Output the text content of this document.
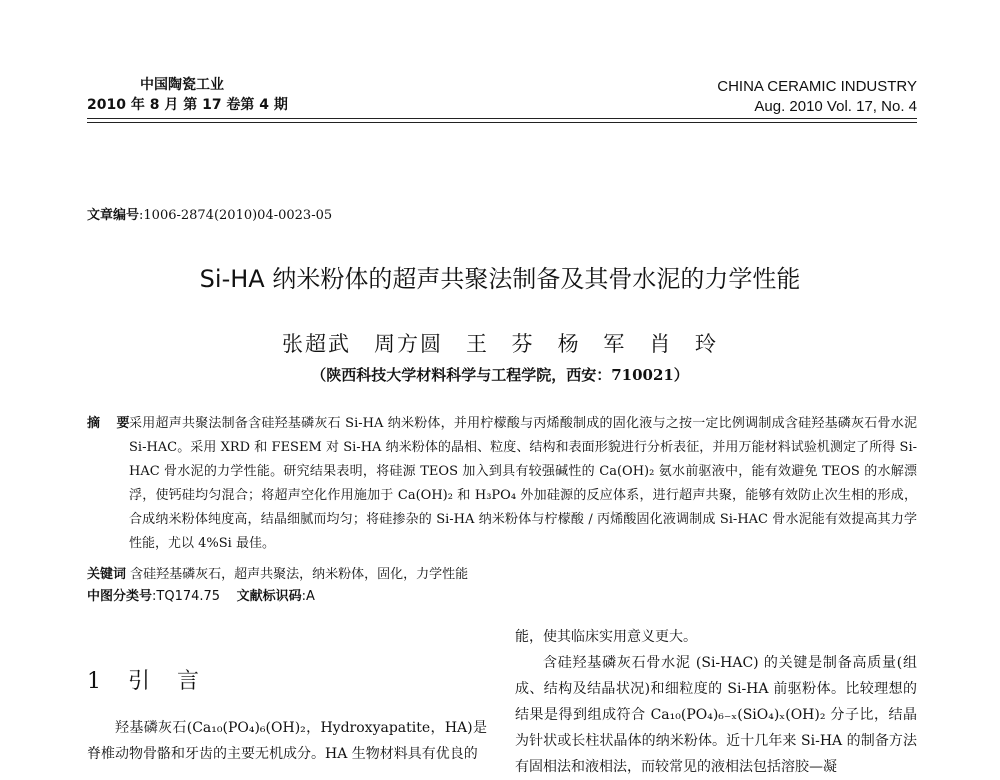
中国陶瓷工业
2010 年 8 月 第 17 卷第 4 期
CHINA CERAMIC INDUSTRY
Aug. 2010 Vol. 17, No. 4
文章编号:1006-2874(2010)04-0023-05
Si-HA 纳米粉体的超声共聚法制备及其骨水泥的力学性能
张超武　周方圆　王 芬　杨 军　肖 玲
（陕西科技大学材料科学与工程学院，西安：710021）
摘 要
采用超声共聚法制备含硅羟基磷灰石 Si-HA 纳米粉体，并用柠檬酸与丙烯酸制成的固化液与之按一定比例调制成含硅羟基磷灰石骨水泥 Si-HAC。采用 XRD 和 FESEM 对 Si-HA 纳米粉体的晶相、粒度、结构和表面形貌进行分析表征，并用万能材料试验机测定了所得 Si-HAC 骨水泥的力学性能。研究结果表明，将硅源 TEOS 加入到具有较强碱性的 Ca(OH)₂ 氨水前驱液中，能有效避免 TEOS 的水解漂浮，使钙硅均匀混合；将超声空化作用施加于 Ca(OH)₂ 和 H₃PO₄ 外加硅源的反应体系，进行超声共聚，能够有效防止次生相的形成，合成纳米粉体纯度高，结晶细腻而均匀；将硅掺杂的 Si-HA 纳米粉体与柠檬酸 / 丙烯酸固化液调制成 Si-HAC 骨水泥能有效提高其力学性能，尤以 4%Si 最佳。
关键词 含硅羟基磷灰石，超声共聚法，纳米粉体，固化，力学性能
中图分类号:TQ174.75 文献标识码:A
1 引 言
羟基磷灰石(Ca₁₀(PO₄)₆(OH)₂，Hydroxyapatite，HA)是脊椎动物骨骼和牙齿的主要无机成分。HA 生物材料具有优良的

能，使其临床实用意义更大。

含硅羟基磷灰石骨水泥 (Si-HAC) 的关键是制备高质量(组成、结构及结晶状况)和细粒度的 Si-HA 前驱粉体。比较理想的结果是得到组成符合 Ca₁₀(PO₄)₆₋ₓ(SiO₄)ₓ(OH)₂ 分子比，结晶为针状或长柱状晶体的纳米粉体。近十几年来 Si-HA 的制备方法有固相法和液相法，而较常见的液相法包括溶胶—凝
